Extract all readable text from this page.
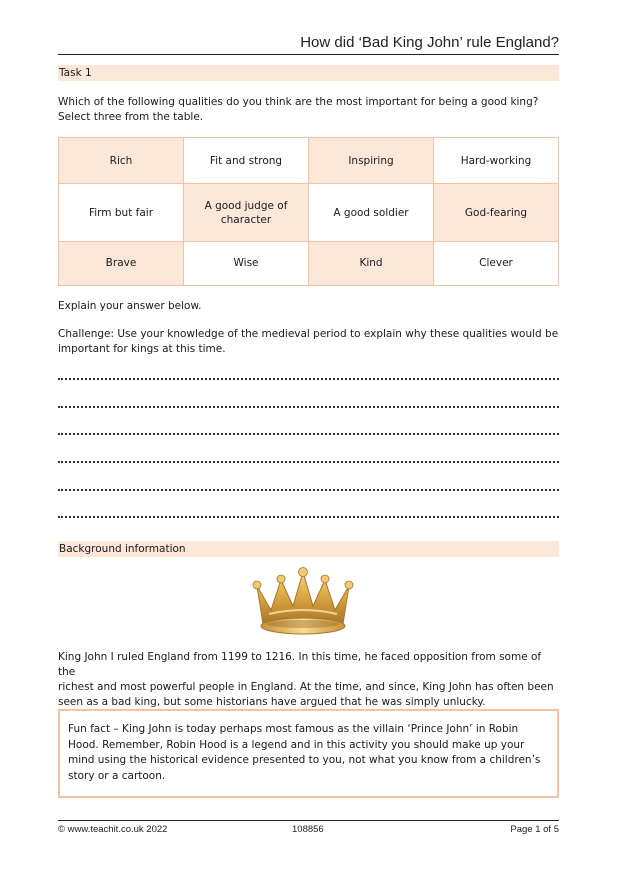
How did ‘Bad King John’ rule England?
Task 1
Which of the following qualities do you think are the most important for being a good king?
Select three from the table.
Rich	Fit and strong	Inspiring	Hard-working
Firm but fair	A good judge of character	A good soldier	God-fearing
Brave	Wise	Kind	Clever
Explain your answer below.
Challenge: Use your knowledge of the medieval period to explain why these qualities would be
important for kings at this time.
Background information
King John I ruled England from 1199 to 1216. In this time, he faced opposition from some of the
richest and most powerful people in England. At the time, and since, King John has often been
seen as a bad king, but some historians have argued that he was simply unlucky.
Fun fact – King John is today perhaps most famous as the villain ‘Prince John’ in Robin Hood. Remember, Robin Hood is a legend and in this activity you should make up your mind using the historical evidence presented to you, not what you know from a children’s story or a cartoon.
© www.teachit.co.uk 2022	108856	Page 1 of 5
